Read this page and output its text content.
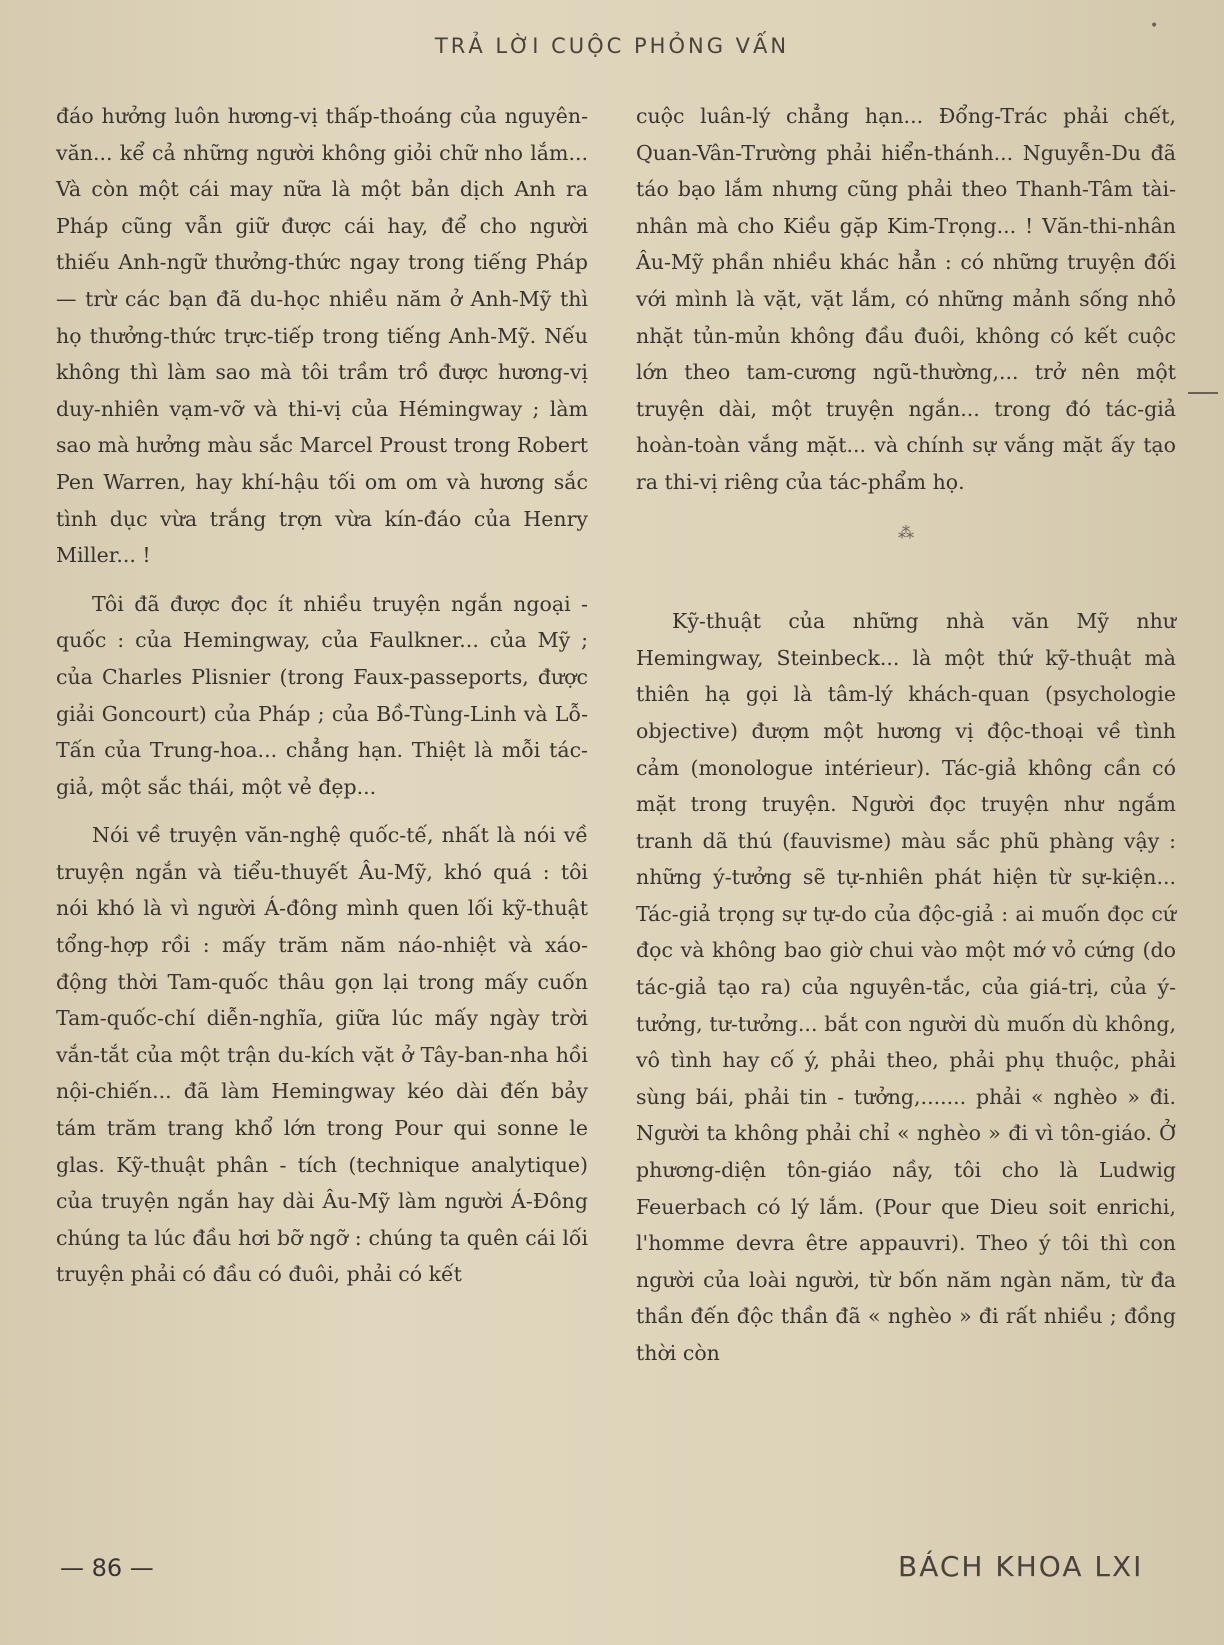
•
TRẢ LỜI CUỘC PHỎNG VẤN

đáo hưởng luôn hương-vị thấp-thoáng của nguyên-văn... kể cả những người không giỏi chữ nho lắm... Và còn một cái may nữa là một bản dịch Anh ra Pháp cũng vẫn giữ được cái hay, để cho người thiếu Anh-ngữ thưởng-thức ngay trong tiếng Pháp — trừ các bạn đã du-học nhiều năm ở Anh-Mỹ thì họ thưởng-thức trực-tiếp trong tiếng Anh-Mỹ. Nếu không thì làm sao mà tôi trầm trồ được hương-vị duy-nhiên vạm-vỡ và thi-vị của Hémingway ; làm sao mà hưởng màu sắc Marcel Proust trong Robert Pen Warren, hay khí-hậu tối om om và hương sắc tình dục vừa trắng trợn vừa kín-đáo của Henry Miller... !

Tôi đã được đọc ít nhiều truyện ngắn ngoại - quốc : của Hemingway, của Faulkner... của Mỹ ; của Charles Plisnier (trong Faux-passeports, được giải Goncourt) của Pháp ; của Bồ-Tùng-Linh và Lỗ-Tấn của Trung-hoa... chẳng hạn. Thiệt là mỗi tác-giả, một sắc thái, một vẻ đẹp...

Nói về truyện văn-nghệ quốc-tế, nhất là nói về truyện ngắn và tiểu-thuyết Âu-Mỹ, khó quá : tôi nói khó là vì người Á-đông mình quen lối kỹ-thuật tổng-hợp rồi : mấy trăm năm náo-nhiệt và xáo-động thời Tam-quốc thâu gọn lại trong mấy cuốn Tam-quốc-chí diễn-nghĩa, giữa lúc mấy ngày trời vắn-tắt của một trận du-kích vặt ở Tây-ban-nha hồi nội-chiến... đã làm Hemingway kéo dài đến bảy tám trăm trang khổ lớn trong Pour qui sonne le glas. Kỹ-thuật phân - tích (technique analytique) của truyện ngắn hay dài Âu-Mỹ làm người Á-Đông chúng ta lúc đầu hơi bỡ ngỡ : chúng ta quên cái lối truyện phải có đầu có đuôi, phải có kết

cuộc luân-lý chẳng hạn... Đổng-Trác phải chết, Quan-Vân-Trường phải hiển-thánh... Nguyễn-Du đã táo bạo lắm nhưng cũng phải theo Thanh-Tâm tài-nhân mà cho Kiều gặp Kim-Trọng... ! Văn-thi-nhân Âu-Mỹ phần nhiều khác hẳn : có những truyện đối với mình là vặt, vặt lắm, có những mảnh sống nhỏ nhặt tủn-mủn không đầu đuôi, không có kết cuộc lớn theo tam-cương ngũ-thường,... trở nên một truyện dài, một truyện ngắn... trong đó tác-giả hoàn-toàn vắng mặt... và chính sự vắng mặt ấy tạo ra thi-vị riêng của tác-phẩm họ.

⁂

Kỹ-thuật của những nhà văn Mỹ như Hemingway, Steinbeck... là một thứ kỹ-thuật mà thiên hạ gọi là tâm-lý khách-quan (psychologie objective) đượm một hương vị độc-thoại về tình cảm (monologue intérieur). Tác-giả không cần có mặt trong truyện. Người đọc truyện như ngắm tranh dã thú (fauvisme) màu sắc phũ phàng vậy : những ý-tưởng sẽ tự-nhiên phát hiện từ sự-kiện... Tác-giả trọng sự tự-do của độc-giả : ai muốn đọc cứ đọc và không bao giờ chui vào một mớ vỏ cứng (do tác-giả tạo ra) của nguyên-tắc, của giá-trị, của ý-tưởng, tư-tưởng... bắt con người dù muốn dù không, vô tình hay cố ý, phải theo, phải phụ thuộc, phải sùng bái, phải tin - tưởng,....... phải « nghèo » đi. Người ta không phải chỉ « nghèo » đi vì tôn-giáo. Ở phương-diện tôn-giáo nầy, tôi cho là Ludwig Feuerbach có lý lắm. (Pour que Dieu soit enrichi, l'homme devra être appauvri). Theo ý tôi thì con người của loài người, từ bốn năm ngàn năm, từ đa thần đến độc thần đã « nghèo » đi rất nhiều ; đồng thời còn

— 86 —	BÁCH KHOA LXI
